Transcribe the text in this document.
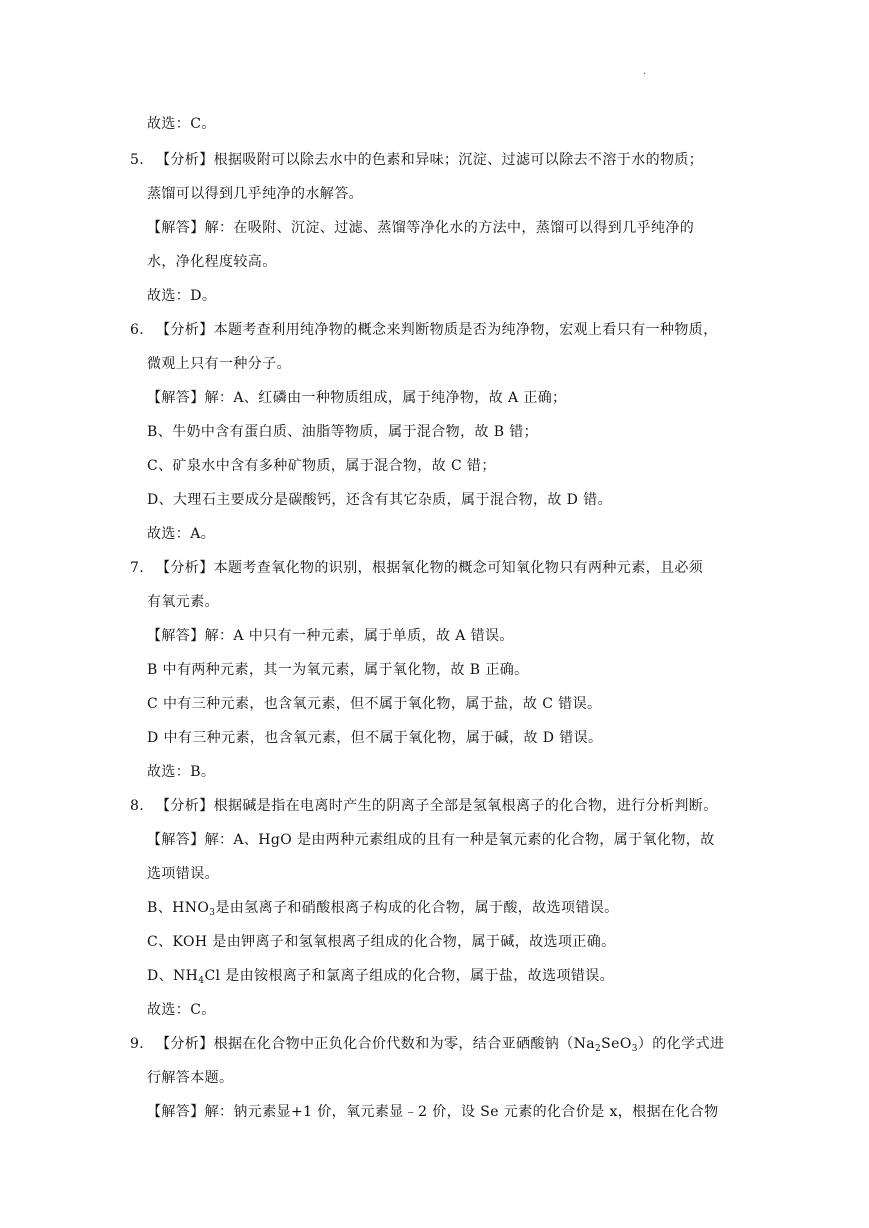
.
故选：C。
5. 【分析】根据吸附可以除去水中的色素和异味；沉淀、过滤可以除去不溶于水的物质；
蒸馏可以得到几乎纯净的水解答。
【解答】解：在吸附、沉淀、过滤、蒸馏等净化水的方法中，蒸馏可以得到几乎纯净的
水，净化程度较高。
故选：D。
6. 【分析】本题考查利用纯净物的概念来判断物质是否为纯净物，宏观上看只有一种物质，
微观上只有一种分子。
【解答】解：A、红磷由一种物质组成，属于纯净物，故 A 正确；
B、牛奶中含有蛋白质、油脂等物质，属于混合物，故 B 错；
C、矿泉水中含有多种矿物质，属于混合物，故 C 错；
D、大理石主要成分是碳酸钙，还含有其它杂质，属于混合物，故 D 错。
故选：A。
7. 【分析】本题考查氧化物的识别，根据氧化物的概念可知氧化物只有两种元素，且必须
有氧元素。
【解答】解：A 中只有一种元素，属于单质，故 A 错误。
B 中有两种元素，其一为氧元素，属于氧化物，故 B 正确。
C 中有三种元素，也含氧元素，但不属于氧化物，属于盐，故 C 错误。
D 中有三种元素，也含氧元素，但不属于氧化物，属于碱，故 D 错误。
故选：B。
8. 【分析】根据碱是指在电离时产生的阴离子全部是氢氧根离子的化合物，进行分析判断。
【解答】解：A、HgO 是由两种元素组成的且有一种是氧元素的化合物，属于氧化物，故
选项错误。
B、$HNO_3$是由氢离子和硝酸根离子构成的化合物，属于酸，故选项错误。
C、KOH 是由钾离子和氢氧根离子组成的化合物，属于碱，故选项正确。
D、$NH_4Cl$ 是由铵根离子和氯离子组成的化合物，属于盐，故选项错误。
故选：C。
9. 【分析】根据在化合物中正负化合价代数和为零，结合亚硒酸钠$(Na_2SeO_3)$的化学式进
行解答本题。
【解答】解：钠元素显+1 价，氧元素显﹣2 价，设 Se 元素的化合价是 x，根据在化合物
